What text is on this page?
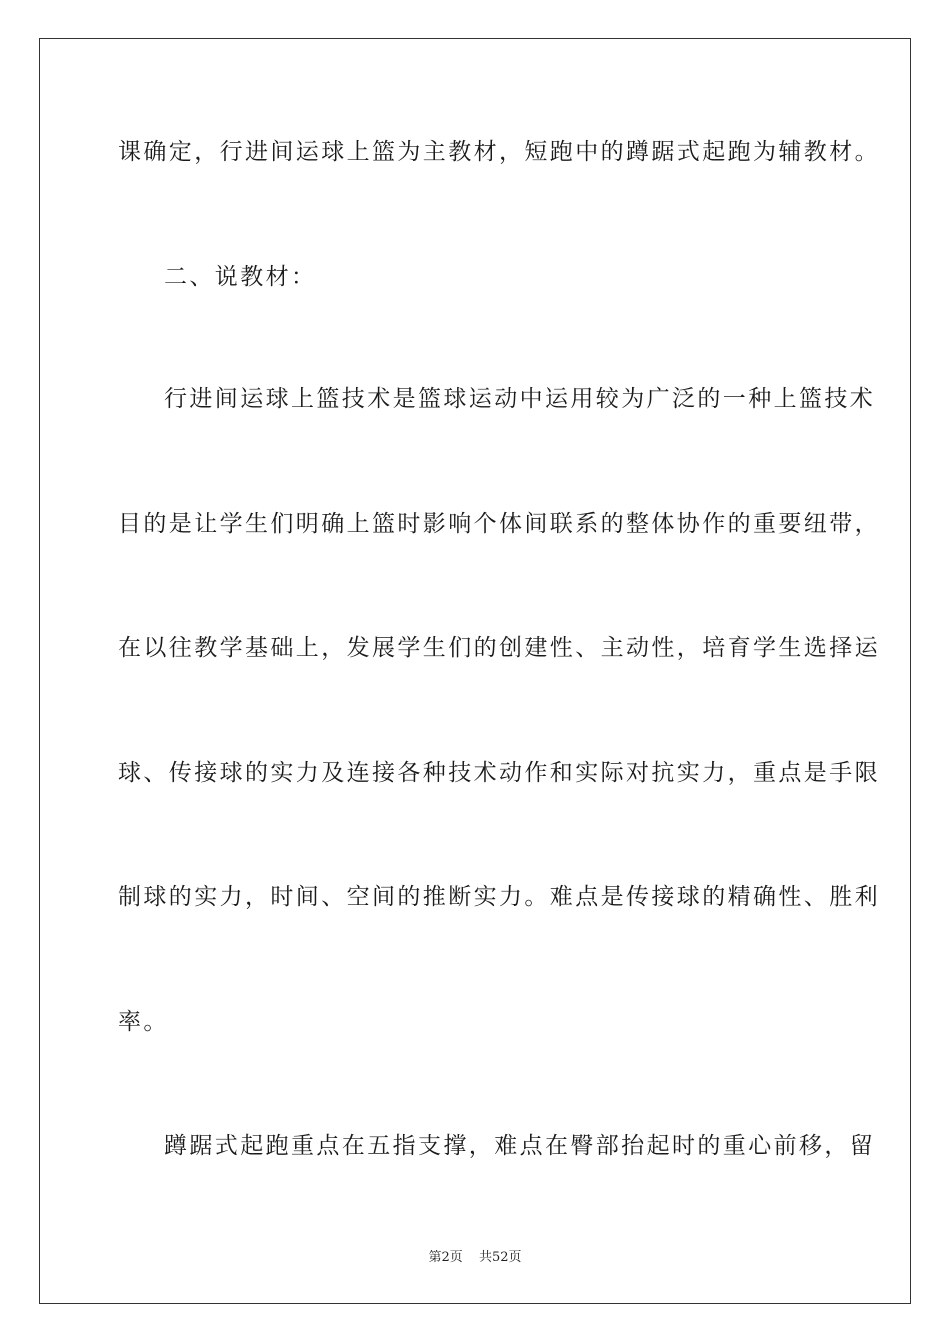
课确定，行进间运球上篮为主教材，短跑中的蹲踞式起跑为辅教材。
二、说教材：
行进间运球上篮技术是篮球运动中运用较为广泛的一种上篮技术
目的是让学生们明确上篮时影响个体间联系的整体协作的重要纽带，
在以往教学基础上，发展学生们的创建性、主动性，培育学生选择运
球、传接球的实力及连接各种技术动作和实际对抗实力，重点是手限
制球的实力，时间、空间的推断实力。难点是传接球的精确性、胜利
率。
蹲踞式起跑重点在五指支撑，难点在臀部抬起时的重心前移，留
第2页 共52页
